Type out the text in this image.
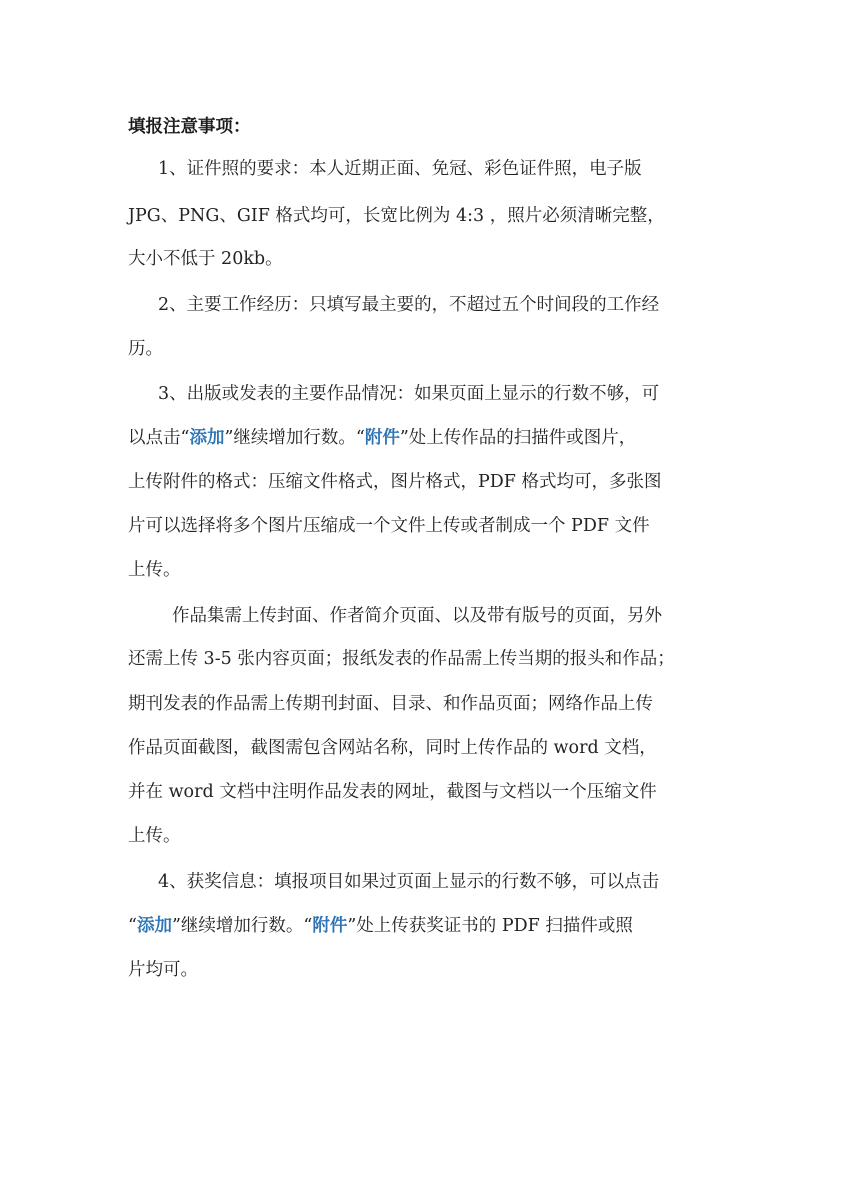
填报注意事项：
1、证件照的要求：本人近期正面、免冠、彩色证件照，电子版
JPG、PNG、GIF 格式均可，长宽比例为 4:3 ，照片必须清晰完整，
大小不低于 20kb。
2、主要工作经历：只填写最主要的，不超过五个时间段的工作经
历。
3、出版或发表的主要作品情况：如果页面上显示的行数不够，可
以点击“添加”继续增加行数。“附件”处上传作品的扫描件或图片，
上传附件的格式：压缩文件格式，图片格式，PDF 格式均可，多张图
片可以选择将多个图片压缩成一个文件上传或者制成一个 PDF 文件
上传。
作品集需上传封面、作者简介页面、以及带有版号的页面，另外
还需上传 3-5 张内容页面；报纸发表的作品需上传当期的报头和作品；
期刊发表的作品需上传期刊封面、目录、和作品页面；网络作品上传
作品页面截图，截图需包含网站名称，同时上传作品的 word 文档，
并在 word 文档中注明作品发表的网址，截图与文档以一个压缩文件
上传。
4、获奖信息：填报项目如果过页面上显示的行数不够，可以点击
“添加”继续增加行数。“附件”处上传获奖证书的 PDF 扫描件或照
片均可。
